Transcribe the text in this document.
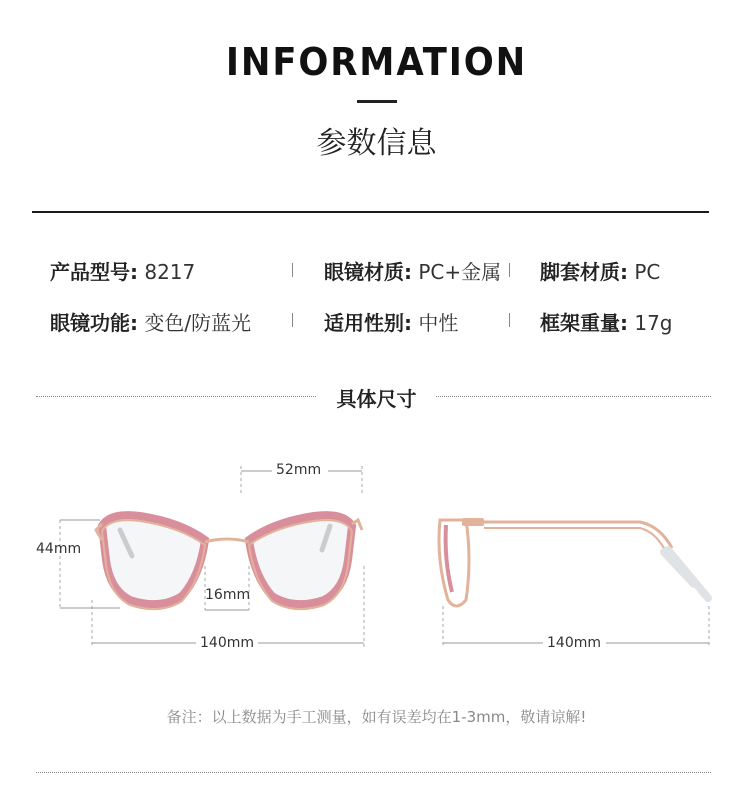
INFORMATION
参数信息
产品型号: 8217	眼镜材质: PC+金属 脚套材质: PC
眼镜功能: 变色/防蓝光	适用性别: 中性	框架重量: 17g
具体尺寸
52mm
44mm
16mm
140mm	140mm
备注：以上数据为手工测量，如有误差均在1-3mm，敬请谅解!
